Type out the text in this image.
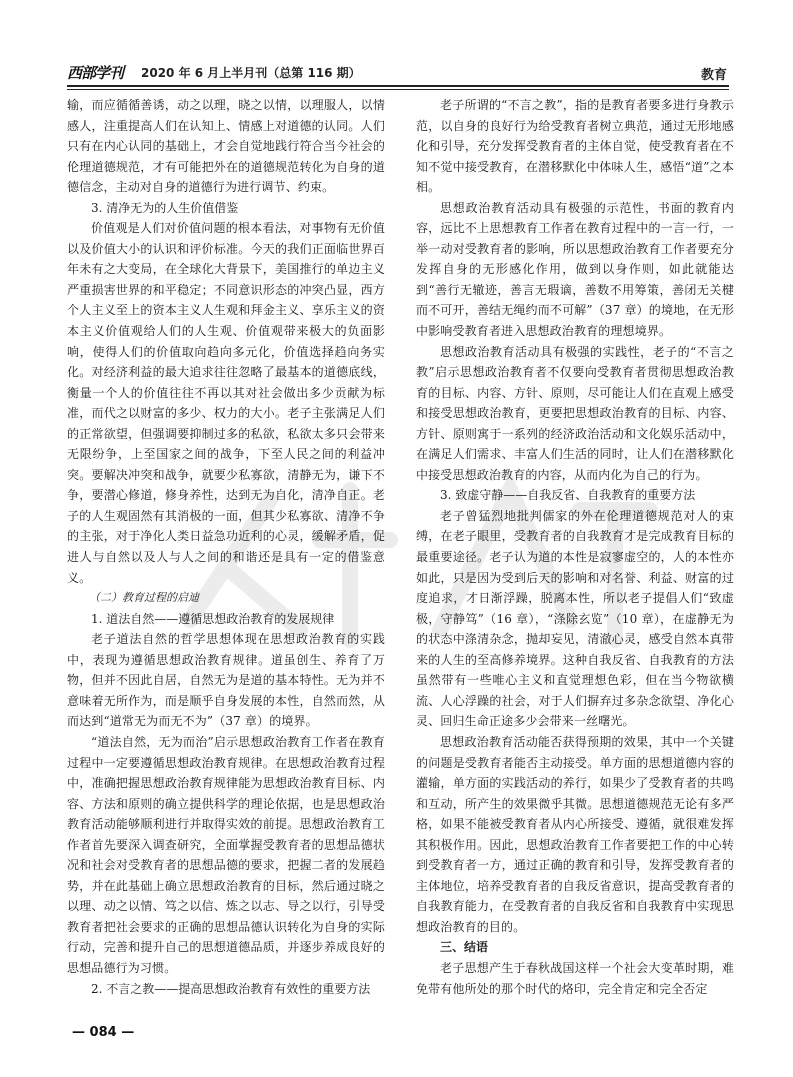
西部学刊 2020 年 6 月上半月刊（总第 116 期）	教育

输，而应循循善诱，动之以理，晓之以情，以理服人，以情感人，注重提高人们在认知上、情感上对道德的认同。人们只有在内心认同的基础上，才会自觉地践行符合当今社会的伦理道德规范，才有可能把外在的道德规范转化为自身的道德信念，主动对自身的道德行为进行调节、约束。

3. 清净无为的人生价值借鉴

价值观是人们对价值问题的根本看法，对事物有无价值以及价值大小的认识和评价标准。今天的我们正面临世界百年未有之大变局，在全球化大背景下，美国推行的单边主义严重损害世界的和平稳定；不同意识形态的冲突凸显，西方个人主义至上的资本主义人生观和拜金主义、享乐主义的资本主义价值观给人们的人生观、价值观带来极大的负面影响，使得人们的价值取向趋向多元化，价值选择趋向务实化。对经济利益的最大追求往往忽略了最基本的道德底线，衡量一个人的价值往往不再以其对社会做出多少贡献为标准，而代之以财富的多少、权力的大小。老子主张满足人们的正常欲望，但强调要抑制过多的私欲，私欲太多只会带来无限纷争，上至国家之间的战争，下至人民之间的利益冲突。要解决冲突和战争，就要少私寡欲，清静无为，谦下不争，要潜心修道，修身养性，达到无为自化，清净自正。老子的人生观固然有其消极的一面，但其少私寡欲、清净不争的主张，对于净化人类日益急功近利的心灵，缓解矛盾，促进人与自然以及人与人之间的和谐还是具有一定的借鉴意义。

（二）教育过程的启迪

1. 道法自然——遵循思想政治教育的发展规律

老子道法自然的哲学思想体现在思想政治教育的实践中，表现为遵循思想政治教育规律。道虽创生、养育了万物，但并不因此自居，自然无为是道的基本特性。无为并不意味着无所作为，而是顺乎自身发展的本性，自然而然，从而达到“道常无为而无不为”（37 章）的境界。

“道法自然，无为而治”启示思想政治教育工作者在教育过程中一定要遵循思想政治教育规律。在思想政治教育过程中，准确把握思想政治教育规律能为思想政治教育目标、内容、方法和原则的确立提供科学的理论依据，也是思想政治教育活动能够顺利进行并取得实效的前提。思想政治教育工作者首先要深入调查研究，全面掌握受教育者的思想品德状况和社会对受教育者的思想品德的要求，把握二者的发展趋势，并在此基础上确立思想政治教育的目标，然后通过晓之以理、动之以情、笃之以信、炼之以志、导之以行，引导受教育者把社会要求的正确的思想品德认识转化为自身的实际行动，完善和提升自己的思想道德品质，并逐步养成良好的思想品德行为习惯。

2. 不言之教——提高思想政治教育有效性的重要方法

老子所谓的“不言之教”，指的是教育者要多进行身教示范，以自身的良好行为给受教育者树立典范，通过无形地感化和引导，充分发挥受教育者的主体自觉，使受教育者在不知不觉中接受教育，在潜移默化中体味人生，感悟“道”之本相。

思想政治教育活动具有极强的示范性，书面的教育内容，远比不上思想教育工作者在教育过程中的一言一行，一举一动对受教育者的影响，所以思想政治教育工作者要充分发挥自身的无形感化作用，做到以身作则，如此就能达到“善行无辙迹，善言无瑕谪，善数不用筹策，善闭无关楗而不可开，善结无绳约而不可解”（37 章）的境地，在无形中影响受教育者进入思想政治教育的理想境界。

思想政治教育活动具有极强的实践性，老子的“不言之教”启示思想政治教育者不仅要向受教育者贯彻思想政治教育的目标、内容、方针、原则，尽可能让人们在直观上感受和接受思想政治教育，更要把思想政治教育的目标、内容、方针、原则寓于一系列的经济政治活动和文化娱乐活动中，在满足人们需求、丰富人们生活的同时，让人们在潜移默化中接受思想政治教育的内容，从而内化为自己的行为。

3. 致虚守静——自我反省、自我教育的重要方法

老子曾猛烈地批判儒家的外在伦理道德规范对人的束缚，在老子眼里，受教育者的自我教育才是完成教育目标的最重要途径。老子认为道的本性是寂寥虚空的，人的本性亦如此，只是因为受到后天的影响和对名誉、利益、财富的过度追求，才日渐浮躁，脱离本性，所以老子提倡人们“致虚极，守静笃”（16 章），“涤除玄览”（10 章），在虚静无为的状态中涤清杂念，抛却妄见，清澈心灵，感受自然本真带来的人生的至高修养境界。这种自我反省、自我教育的方法虽然带有一些唯心主义和直觉理想色彩，但在当今物欲横流、人心浮躁的社会，对于人们摒弃过多杂念欲望、净化心灵、回归生命正途多少会带来一丝曙光。

思想政治教育活动能否获得预期的效果，其中一个关键的问题是受教育者能否主动接受。单方面的思想道德内容的灌输，单方面的实践活动的养行，如果少了受教育者的共鸣和互动，所产生的效果微乎其微。思想道德规范无论有多严格，如果不能被受教育者从内心所接受、遵循，就很难发挥其积极作用。因此，思想政治教育工作者要把工作的中心转到受教育者一方，通过正确的教育和引导，发挥受教育者的主体地位，培养受教育者的自我反省意识，提高受教育者的自我教育能力，在受教育者的自我反省和自我教育中实现思想政治教育的目的。

三、结语

老子思想产生于春秋战国这样一个社会大变革时期，难免带有他所处的那个时代的烙印，完全肯定和完全否定

— 084 —
